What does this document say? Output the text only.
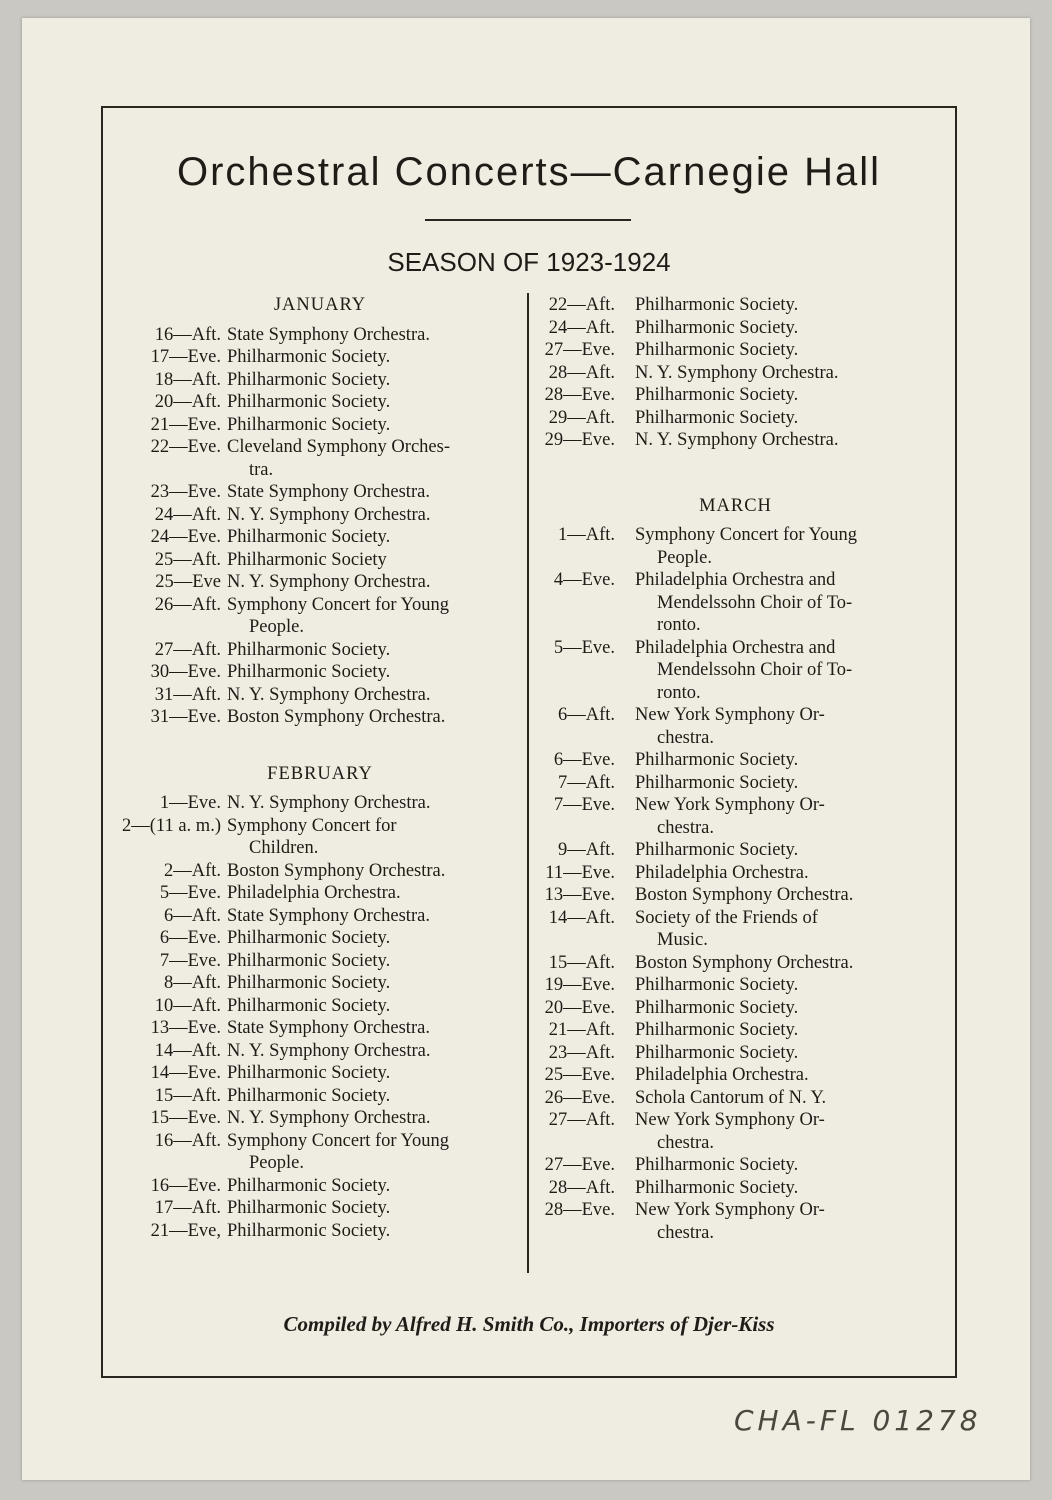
Orchestral Concerts—Carnegie Hall
SEASON OF 1923-1924
JANUARY
16—Aft. State Symphony Orchestra.
17—Eve. Philharmonic Society.
18—Aft. Philharmonic Society.
20—Aft. Philharmonic Society.
21—Eve. Philharmonic Society.
22—Eve. Cleveland Symphony Orches-
tra.
23—Eve. State Symphony Orchestra.
24—Aft. N. Y. Symphony Orchestra.
24—Eve. Philharmonic Society.
25—Aft. Philharmonic Society
25—Eve N. Y. Symphony Orchestra.
26—Aft. Symphony Concert for Young
People.
27—Aft. Philharmonic Society.
30—Eve. Philharmonic Society.
31—Aft. N. Y. Symphony Orchestra.
31—Eve. Boston Symphony Orchestra.
FEBRUARY
1—Eve. N. Y. Symphony Orchestra.
2—(11 a. m.) Symphony Concert for
Children.
2—Aft. Boston Symphony Orchestra.
5—Eve. Philadelphia Orchestra.
6—Aft. State Symphony Orchestra.
6—Eve. Philharmonic Society.
7—Eve. Philharmonic Society.
8—Aft. Philharmonic Society.
10—Aft. Philharmonic Society.
13—Eve. State Symphony Orchestra.
14—Aft. N. Y. Symphony Orchestra.
14—Eve. Philharmonic Society.
15—Aft. Philharmonic Society.
15—Eve. N. Y. Symphony Orchestra.
16—Aft. Symphony Concert for Young
People.
16—Eve. Philharmonic Society.
17—Aft. Philharmonic Society.
21—Eve, Philharmonic Society.
22—Aft.	Philharmonic Society.
24—Aft.	Philharmonic Society.
27—Eve.	Philharmonic Society.
28—Aft.	N. Y. Symphony Orchestra.
28—Eve.	Philharmonic Society.
29—Aft.	Philharmonic Society.
29—Eve.	N. Y. Symphony Orchestra.
MARCH
1—Aft.	Symphony Concert for Young
People.
4—Eve.	Philadelphia Orchestra and
Mendelssohn Choir of To-
ronto.
5—Eve.	Philadelphia Orchestra and
Mendelssohn Choir of To-
ronto.
6—Aft.	New York Symphony Or-
chestra.
6—Eve.	Philharmonic Society.
7—Aft.	Philharmonic Society.
7—Eve.	New York Symphony Or-
chestra.
9—Aft.	Philharmonic Society.
11—Eve.	Philadelphia Orchestra.
13—Eve.	Boston Symphony Orchestra.
14—Aft.	Society of the Friends of
Music.
15—Aft.	Boston Symphony Orchestra.
19—Eve.	Philharmonic Society.
20—Eve.	Philharmonic Society.
21—Aft.	Philharmonic Society.
23—Aft.	Philharmonic Society.
25—Eve.	Philadelphia Orchestra.
26—Eve.	Schola Cantorum of N. Y.
27—Aft.	New York Symphony Or-
chestra.
27—Eve.	Philharmonic Society.
28—Aft.	Philharmonic Society.
28—Eve.	New York Symphony Or-
chestra.
Compiled by Alfred H. Smith Co., Importers of Djer-Kiss
CHA-FL 01278
